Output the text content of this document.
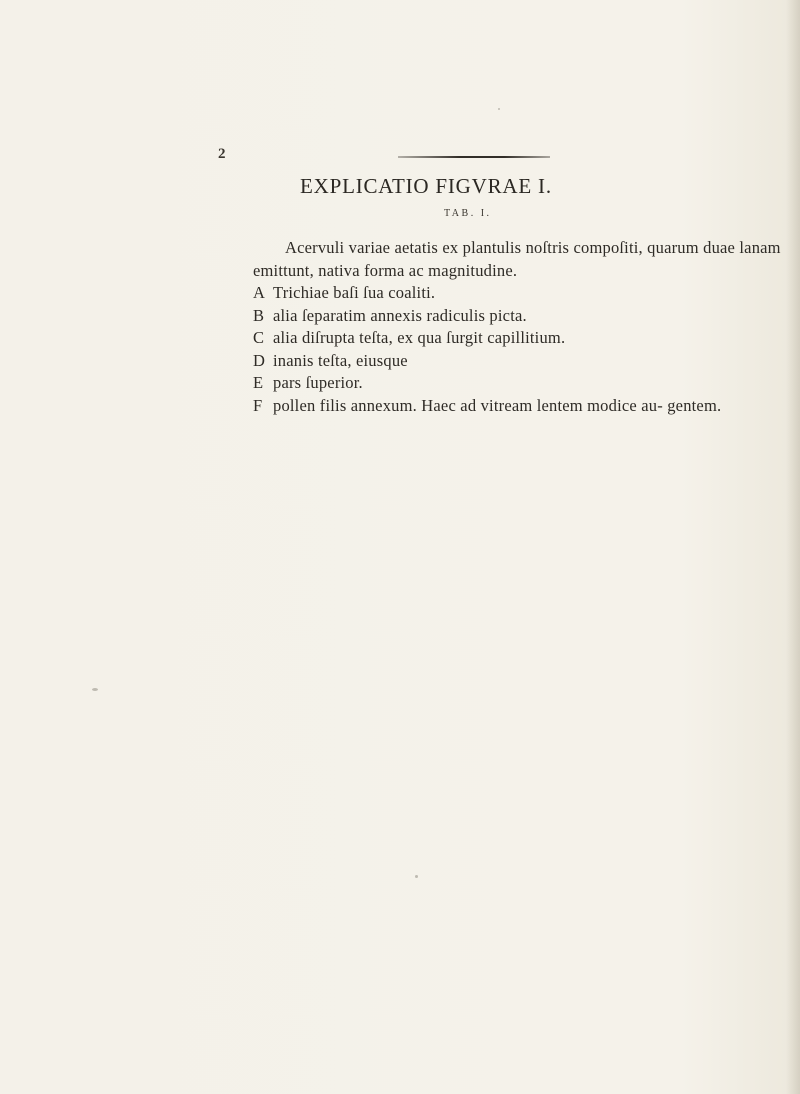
2
EXPLICATIO FIGVRAE I.
TAB. I.

Acervuli variae aetatis ex plantulis noſtris compoſiti, quarum duae lanam emittunt, nativa forma ac magnitudine.

A Trichiae baſi ſua coaliti.
B alia ſeparatim annexis radiculis picta.
C alia diſrupta teſta, ex qua ſurgit capillitium.
D inanis teſta, eiusque
E pars ſuperior.
F pollen filis annexum. Haec ad vitream lentem modice au- gentem.
